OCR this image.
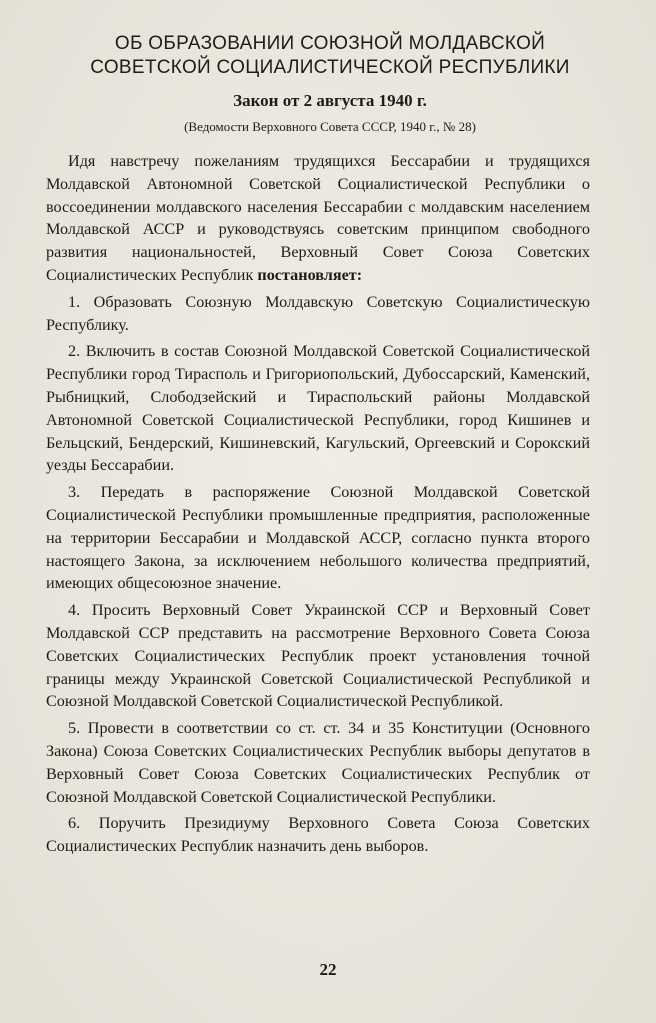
ОБ ОБРАЗОВАНИИ СОЮЗНОЙ МОЛДАВСКОЙ
СОВЕТСКОЙ СОЦИАЛИСТИЧЕСКОЙ РЕСПУБЛИКИ
Закон от 2 августа 1940 г.
(Ведомости Верховного Совета СССР, 1940 г., № 28)

Идя навстречу пожеланиям трудящихся Бессарабии и трудящихся Молдавской Автономной Советской Социалистической Республики о воссоединении молдавского населения Бессарабии с молдавским населением Молдавской АССР и руководствуясь советским принципом свободного развития национальностей, Верховный Совет Союза Советских Социалистических Республик постановляет:

1. Образовать Союзную Молдавскую Советскую Социалистическую Республику.

2. Включить в состав Союзной Молдавской Советской Социалистической Республики город Тирасполь и Григориопольский, Дубоссарский, Каменский, Рыбницкий, Слободзейский и Тираспольский районы Молдавской Автономной Советской Социалистической Республики, город Кишинев и Бельцский, Бендерский, Кишиневский, Кагульский, Оргеевский и Сорокский уезды Бессарабии.

3. Передать в распоряжение Союзной Молдавской Советской Социалистической Республики промышленные предприятия, расположенные на территории Бессарабии и Молдавской АССР, согласно пункта второго настоящего Закона, за исключением небольшого количества предприятий, имеющих общесоюзное значение.

4. Просить Верховный Совет Украинской ССР и Верховный Совет Молдавской ССР представить на рассмотрение Верховного Совета Союза Советских Социалистических Республик проект установления точной границы между Украинской Советской Социалистической Республикой и Союзной Молдавской Советской Социалистической Республикой.

5. Провести в соответствии со ст. ст. 34 и 35 Конституции (Основного Закона) Союза Советских Социалистических Республик выборы депутатов в Верховный Совет Союза Советских Социалистических Республик от Союзной Молдавской Советской Социалистической Республики.

6. Поручить Президиуму Верховного Совета Союза Советских Социалистических Республик назначить день выборов.

22
